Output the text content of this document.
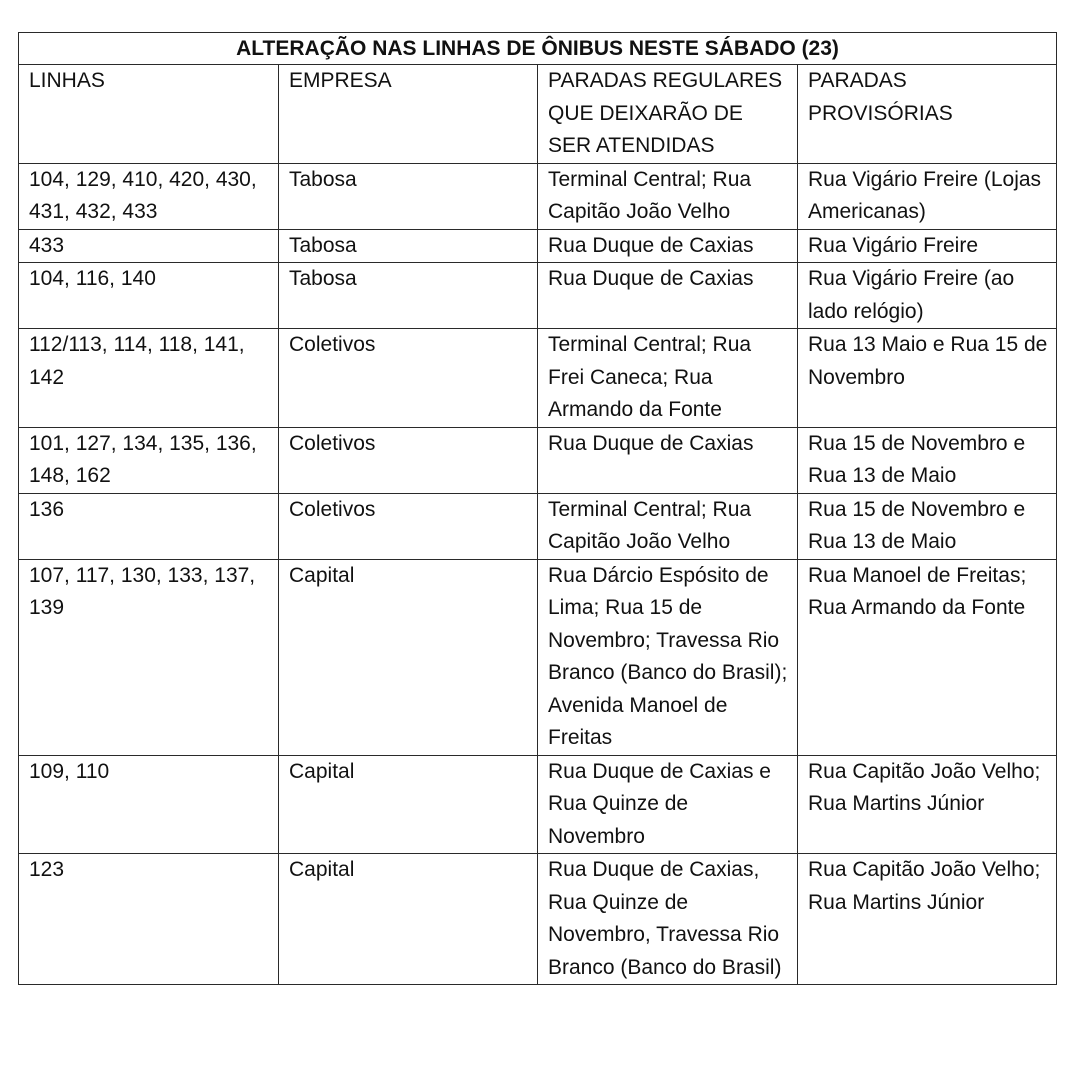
ALTERAÇÃO NAS LINHAS DE ÔNIBUS NESTE SÁBADO (23)			
LINHAS	EMPRESA	PARADAS REGULARES QUE DEIXARÃO DE SER ATENDIDAS	PARADAS PROVISÓRIAS
104, 129, 410, 420, 430, 431, 432, 433	Tabosa	Terminal Central; Rua Capitão João Velho	Rua Vigário Freire (Lojas Americanas)
433	Tabosa	Rua Duque de Caxias	Rua Vigário Freire
104, 116, 140	Tabosa	Rua Duque de Caxias	Rua Vigário Freire (ao lado relógio)
112/113, 114, 118, 141, 142	Coletivos	Terminal Central; Rua Frei Caneca; Rua Armando da Fonte	Rua 13 Maio e Rua 15 de Novembro
101, 127, 134, 135, 136, 148, 162	Coletivos	Rua Duque de Caxias	Rua 15 de Novembro e Rua 13 de Maio
136	Coletivos	Terminal Central; Rua Capitão João Velho	Rua 15 de Novembro e Rua 13 de Maio
107, 117, 130, 133, 137, 139	Capital	Rua Dárcio Espósito de Lima; Rua 15 de Novembro; Travessa Rio Branco (Banco do Brasil); Avenida Manoel de Freitas	Rua Manoel de Freitas; Rua Armando da Fonte
109, 110	Capital	Rua Duque de Caxias e Rua Quinze de Novembro	Rua Capitão João Velho; Rua Martins Júnior
123	Capital	Rua Duque de Caxias, Rua Quinze de Novembro, Travessa Rio Branco (Banco do Brasil)	Rua Capitão João Velho; Rua Martins Júnior
